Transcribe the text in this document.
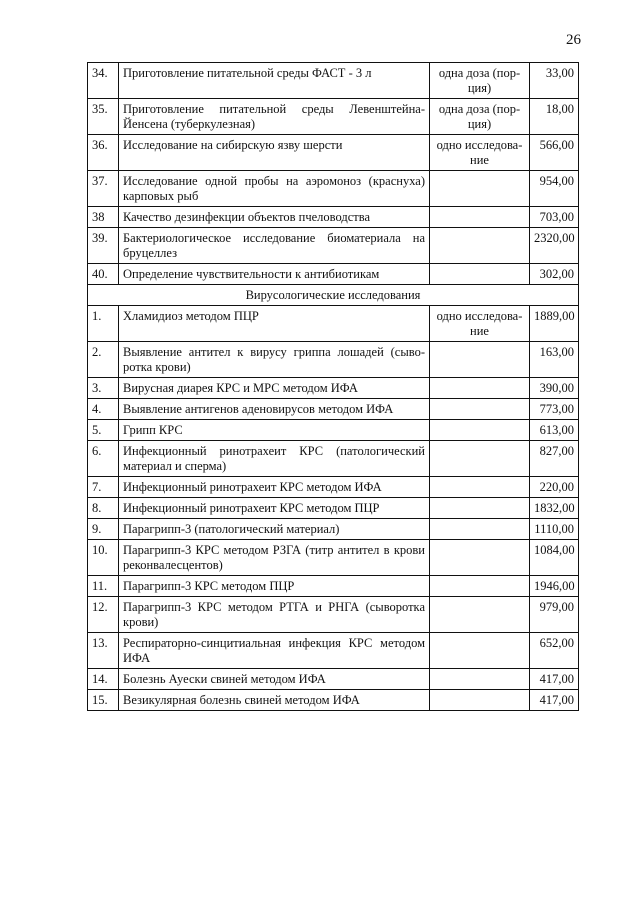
26
34.	Приготовление питательной среды ФАСТ - 3 л	одна доза (пор-ция)	33,00
35.	Приготовление питательной среды Левенштейна-Йенсена (туберкулезная)	одна доза (пор-ция)	18,00
36.	Исследование на сибирскую язву шерсти	одно исследова-ние	566,00
37.	Исследование одной пробы на аэромоноз (краснуха) карповых рыб		954,00
38	Качество дезинфекции объектов пчеловодства		703,00
39.	Бактериологическое исследование биоматериала на бруцеллез		2320,00
40.	Определение чувствительности к антибиотикам		302,00
Вирусологические исследования			
1.	Хламидиоз методом ПЦР	одно исследова-ние	1889,00
2.	Выявление антител к вирусу гриппа лошадей (сыво-ротка крови)		163,00
3.	Вирусная диарея КРС и МРС методом ИФА		390,00
4.	Выявление антигенов аденовирусов методом ИФА		773,00
5.	Грипп КРС		613,00
6.	Инфекционный ринотрахеит КРС (патологический материал и сперма)		827,00
7.	Инфекционный ринотрахеит КРС методом ИФА		220,00
8.	Инфекционный ринотрахеит КРС методом ПЦР		1832,00
9.	Парагрипп-3 (патологический материал)		1110,00
10.	Парагрипп-3 КРС методом РЗГА (титр антител в крови реконвалесцентов)		1084,00
11.	Парагрипп-3 КРС методом ПЦР		1946,00
12.	Парагрипп-3 КРС методом РТГА и РНГА (сыворотка крови)		979,00
13.	Респираторно-синцитиальная инфекция КРС методом ИФА		652,00
14.	Болезнь Ауески свиней методом ИФА		417,00
15.	Везикулярная болезнь свиней методом ИФА		417,00
